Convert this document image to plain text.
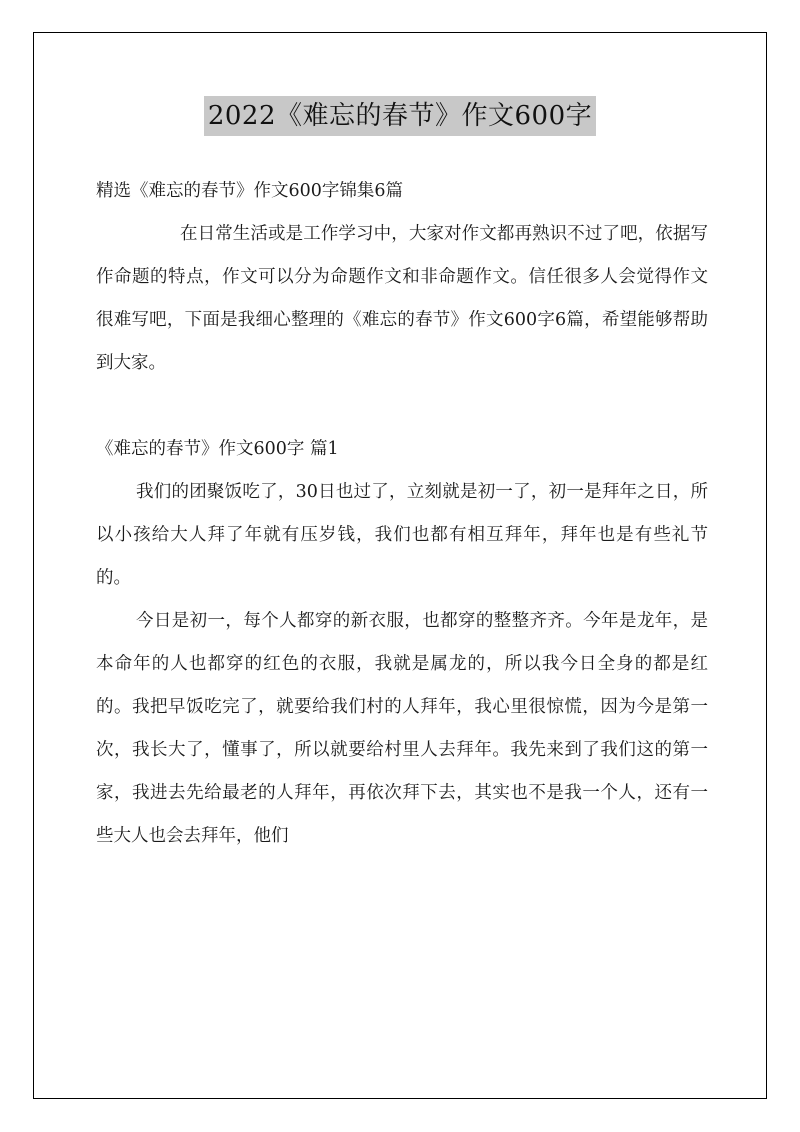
2022《难忘的春节》作文600字

精选《难忘的春节》作文600字锦集6篇

在日常生活或是工作学习中，大家对作文都再熟识不过了吧，依据写作命题的特点，作文可以分为命题作文和非命题作文。信任很多人会觉得作文很难写吧，下面是我细心整理的《难忘的春节》作文600字6篇，希望能够帮助到大家。

《难忘的春节》作文600字 篇1

我们的团聚饭吃了，30日也过了，立刻就是初一了，初一是拜年之日，所以小孩给大人拜了年就有压岁钱，我们也都有相互拜年，拜年也是有些礼节的。

今日是初一，每个人都穿的新衣服，也都穿的整整齐齐。今年是龙年，是本命年的人也都穿的红色的衣服，我就是属龙的，所以我今日全身的都是红的。我把早饭吃完了，就要给我们村的人拜年，我心里很惊慌，因为今是第一次，我长大了，懂事了，所以就要给村里人去拜年。我先来到了我们这的第一家，我进去先给最老的人拜年，再依次拜下去，其实也不是我一个人，还有一些大人也会去拜年，他们
